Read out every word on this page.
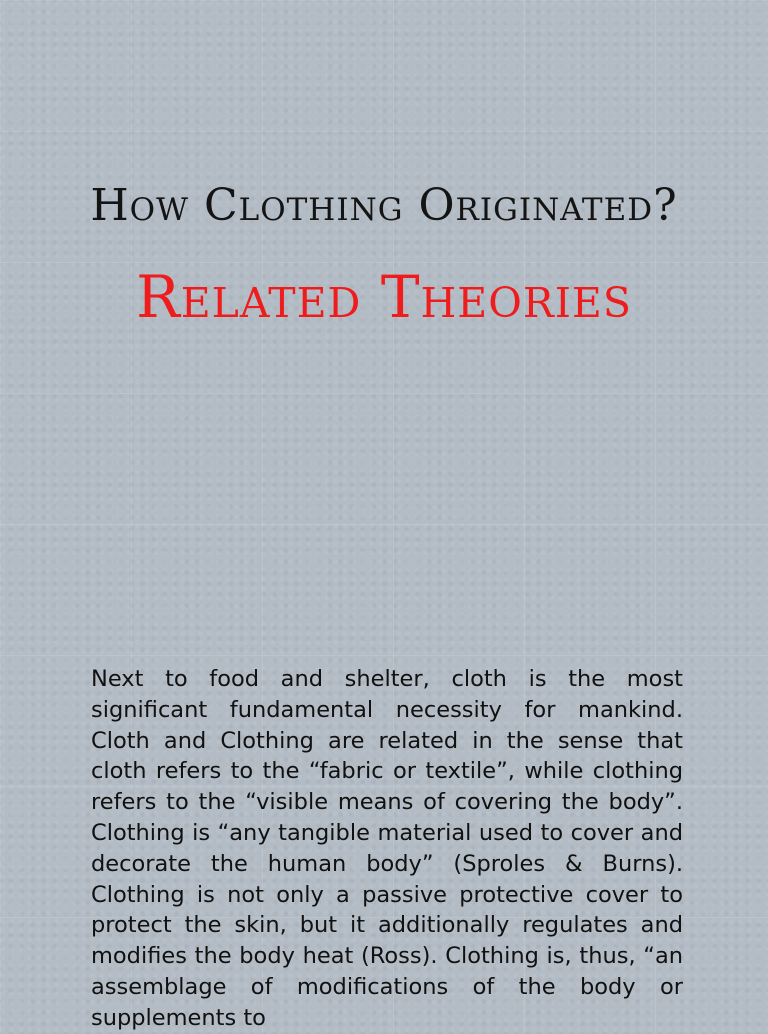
How Clothing Originated?
Related Theories

Next to food and shelter, cloth is the most significant fundamental necessity for mankind. Cloth and Clothing are related in the sense that cloth refers to the “fabric or textile”, while clothing refers to the “visible means of covering the body”. Clothing is “any tangible material used to cover and decorate the human body” (Sproles & Burns). Clothing is not only a passive protective cover to protect the skin, but it additionally regulates and modifies the body heat (Ross). Clothing is, thus, “an assemblage of modifications of the body or supplements to
